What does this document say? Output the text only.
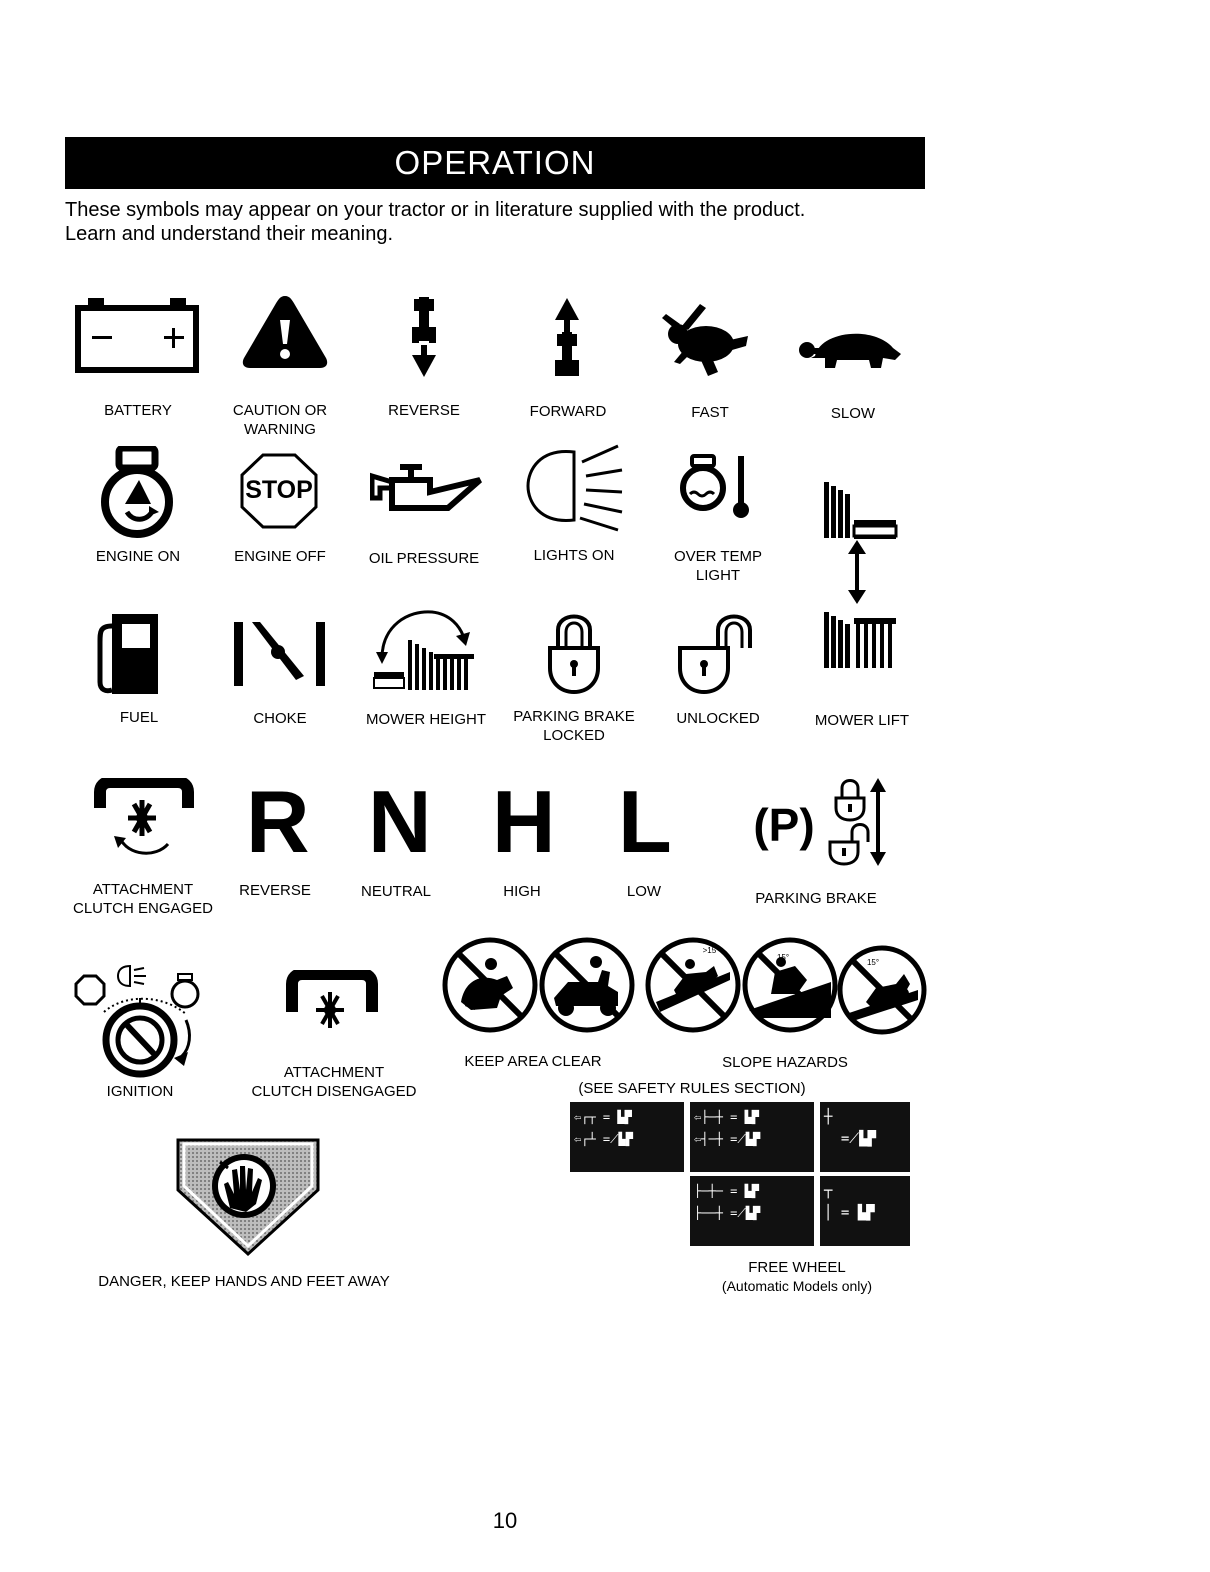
OPERATION
These symbols may appear on your tractor or in literature supplied with the product.
Learn and understand their meaning.
BATTERY	CAUTION OR
WARNING
REVERSE	FORWARD	FAST	SLOW
ENGINE ON
STOP
ENGINE OFF	OIL PRESSURE	LIGHTS ON	OVER TEMP
LIGHT
FUEL	CHOKE	MOWER HEIGHT	PARKING BRAKE
LOCKED
UNLOCKED	MOWER LIFT
ATTACHMENT
CLUTCH ENGAGED
R
REVERSE
N
NEUTRAL
H
HIGH
L
LOW
(P)
PARKING BRAKE
IGNITION
ATTACHMENT
CLUTCH DISENGAGED
>15°
15°
15°
KEEP AREA CLEAR	SLOPE HAZARDS
(SEE SAFETY RULES SECTION)
⇦┌┬ = ▙▛
⇦┌┴ =⟋▙▛
⇦├─┼ = ▙▛
⇦┤─┼ =⟋▙▛
┼
=⟋▙▛
├─┼─ = ▙▛
├──┼ =⟋▙▛
┬
│ = ▙▛
FREE WHEEL
(Automatic Models only)
DANGER, KEEP HANDS AND FEET AWAY
10
